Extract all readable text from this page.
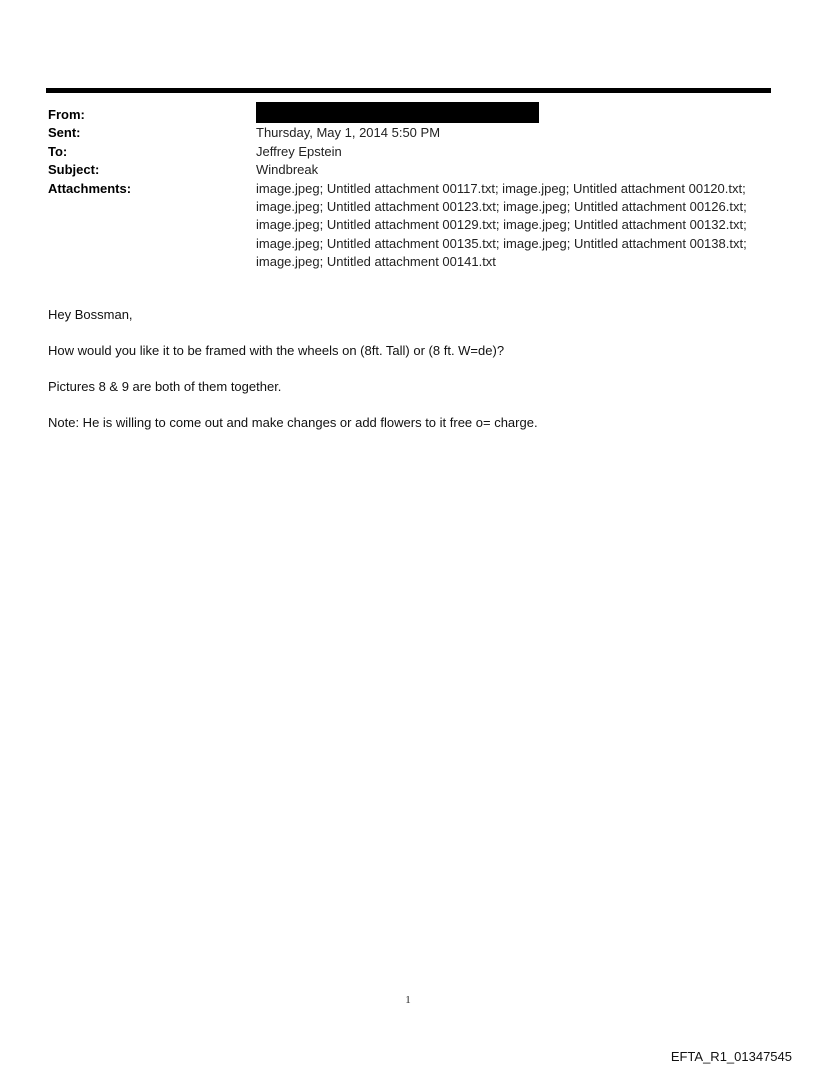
From:
Sent:	Thursday, May 1, 2014 5:50 PM
To:	Jeffrey Epstein
Subject:	Windbreak
Attachments:	image.jpeg; Untitled attachment 00117.txt; image.jpeg; Untitled attachment 00120.txt; image.jpeg; Untitled attachment 00123.txt; image.jpeg; Untitled attachment 00126.txt; image.jpeg; Untitled attachment 00129.txt; image.jpeg; Untitled attachment 00132.txt; image.jpeg; Untitled attachment 00135.txt; image.jpeg; Untitled attachment 00138.txt; image.jpeg; Untitled attachment 00141.txt

Hey Bossman,

How would you like it to be framed with the wheels on (8ft. Tall) or (8 ft. W=de)?

Pictures 8 & 9 are both of them together.

Note: He is willing to come out and make changes or add flowers to it free o= charge.

1
EFTA_R1_01347545
